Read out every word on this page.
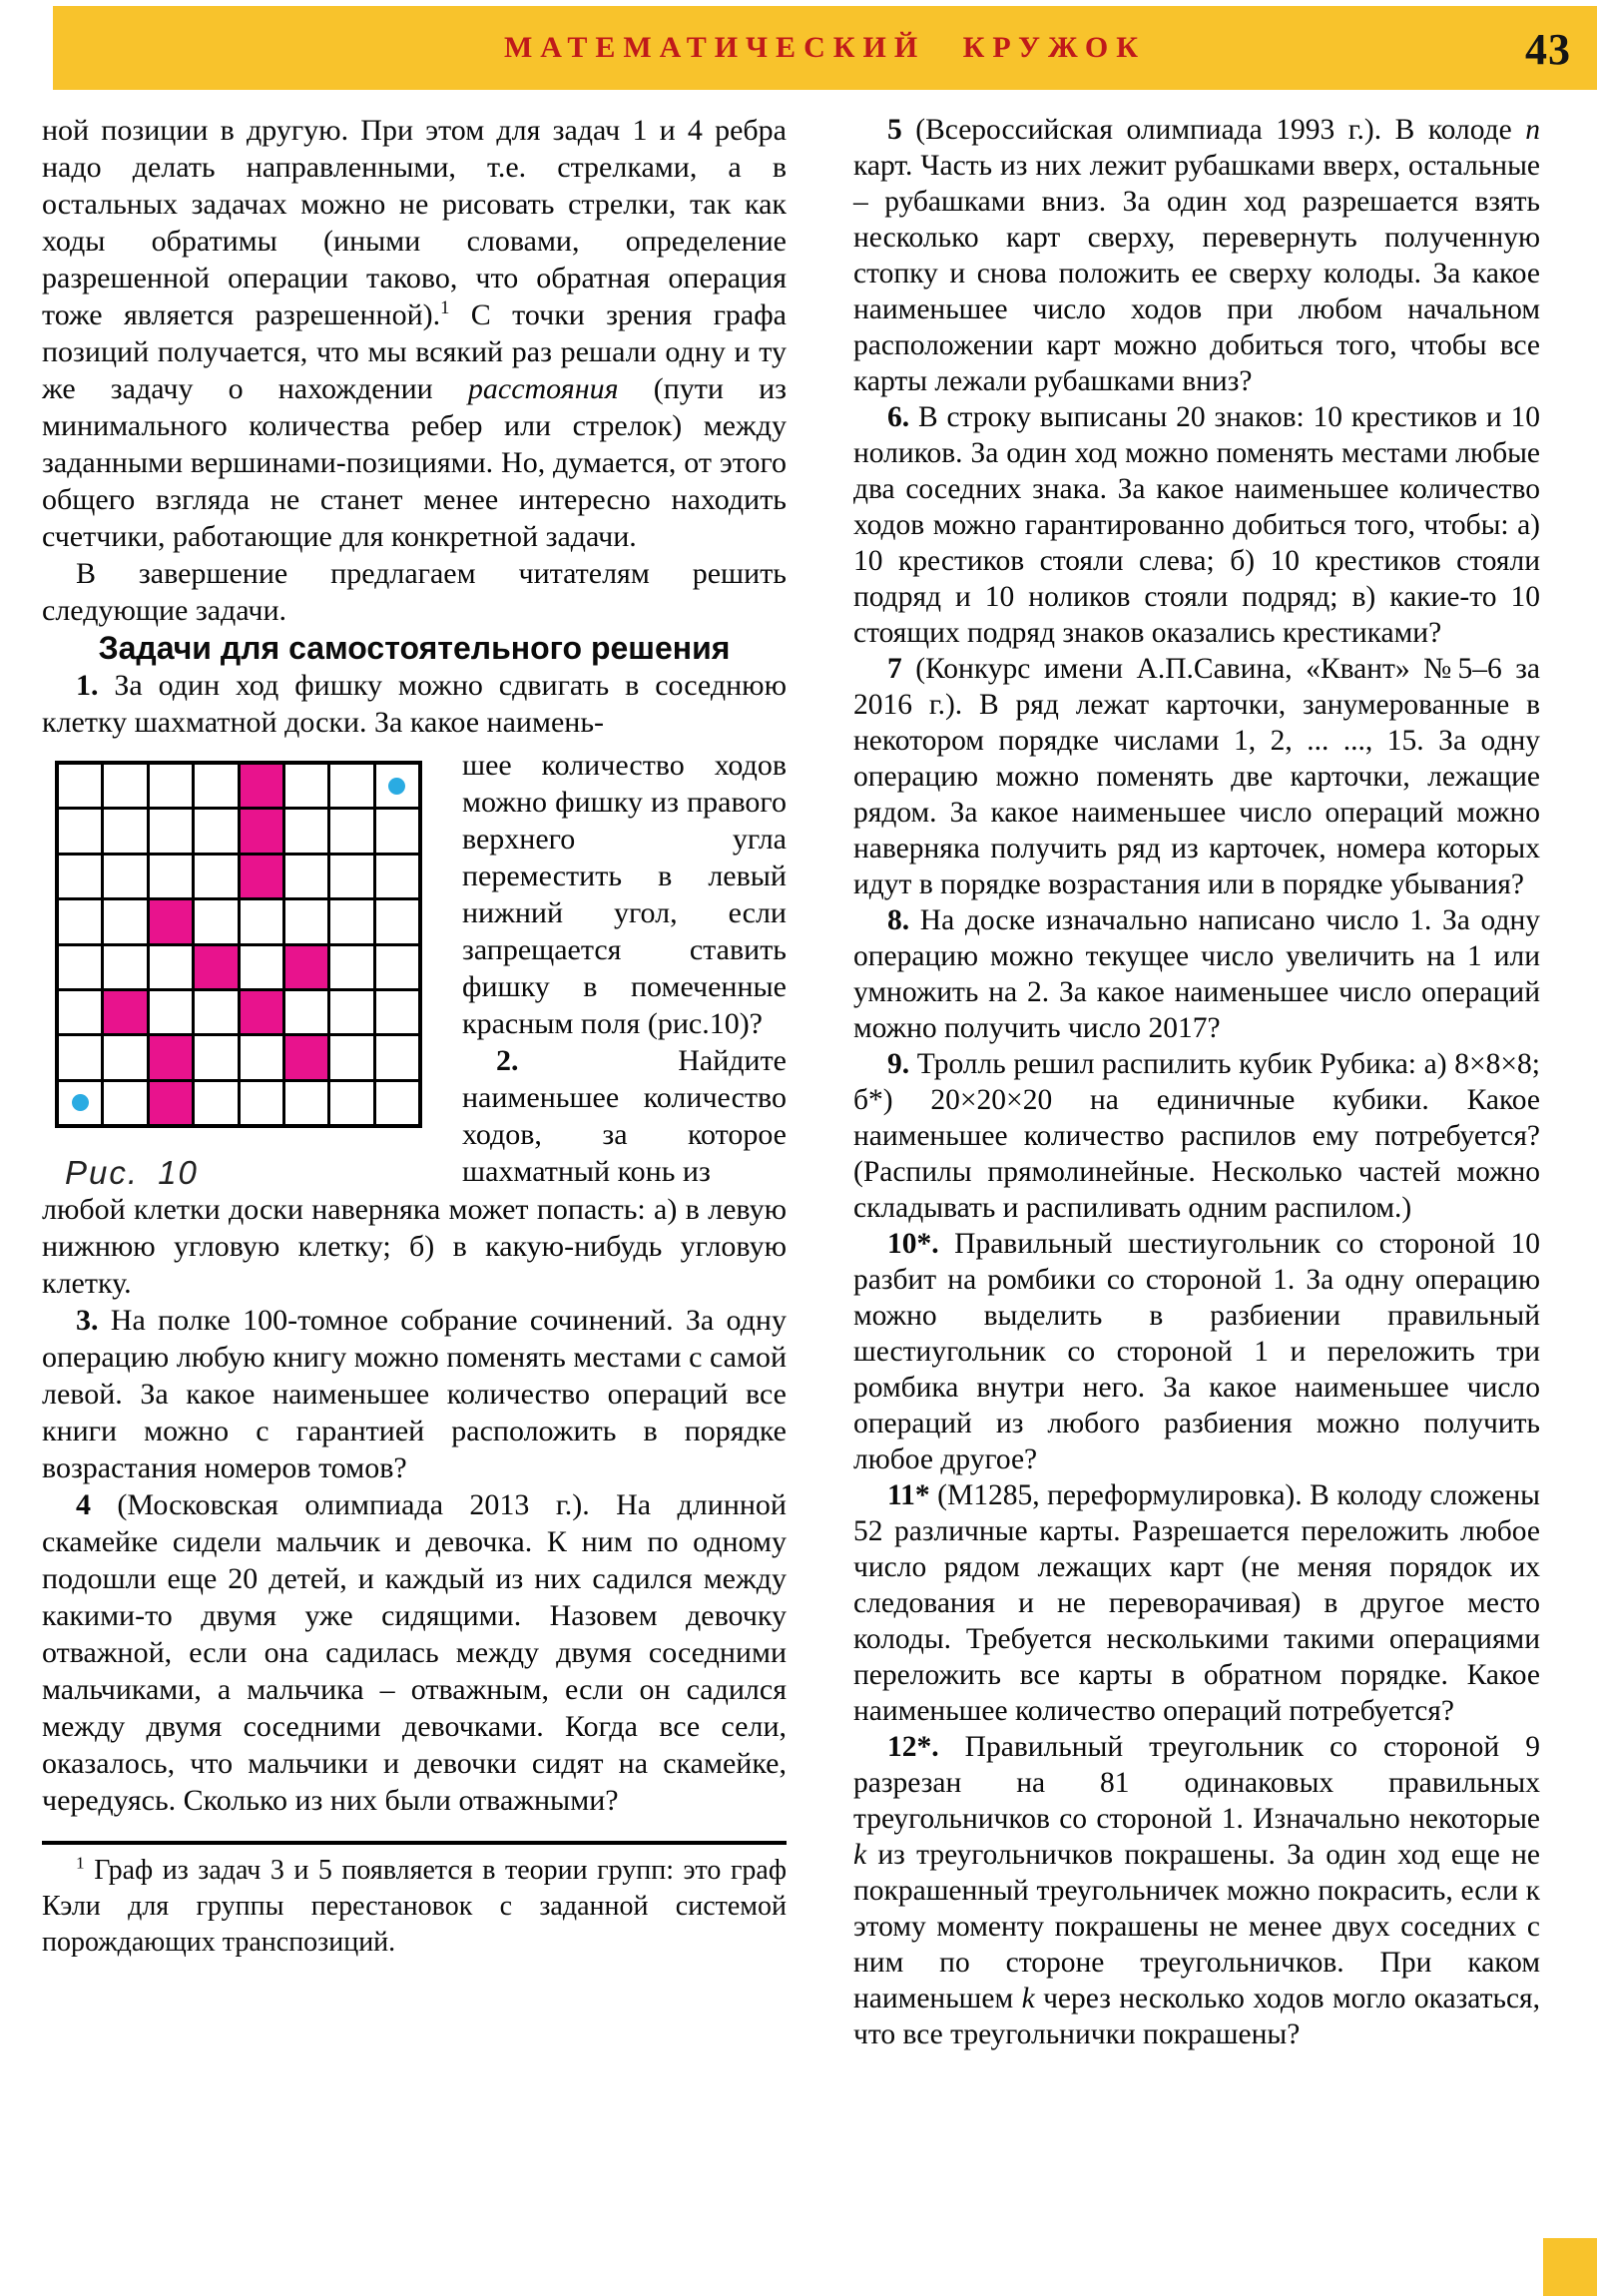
МАТЕМАТИЧЕСКИЙ КРУЖОК	43

ной позиции в другую. При этом для задач 1 и 4 ребра надо делать направленными, т.е. стрелками, а в остальных задачах можно не рисовать стрелки, так как ходы обратимы (иными словами, определение разрешенной операции таково, что обратная операция тоже является разрешенной).$^1$ С точки зрения графа позиций получается, что мы всякий раз решали одну и ту же задачу о нахождении расстояния (пути из минимального количества ребер или стрелок) между заданными вершинами-позициями. Но, думается, от этого общего взгляда не станет менее интересно находить счетчики, работающие для конкретной задачи.

В завершение предлагаем читателям решить следующие задачи.

Задачи для самостоятельного решения

1. За один ход фишку можно сдвигать в соседнюю клетку шахматной доски. За какое наимень-

Рис. 10

шее количество ходов можно фишку из правого верхнего угла переместить в левый нижний угол, если запрещается ставить фишку в помеченные красным поля (рис.10)?

2. Найдите наименьшее количество ходов, за которое шахматный конь из

любой клетки доски наверняка может попасть: а) в левую нижнюю угловую клетку; б) в какую-нибудь угловую клетку.

3. На полке 100-томное собрание сочинений. За одну операцию любую книгу можно поменять местами с самой левой. За какое наименьшее количество операций все книги можно с гарантией расположить в порядке возрастания номеров томов?

4 (Московская олимпиада 2013 г.). На длинной скамейке сидели мальчик и девочка. К ним по одному подошли еще 20 детей, и каждый из них садился между какими-то двумя уже сидящими. Назовем девочку отважной, если она садилась между двумя соседними мальчиками, а мальчика – отважным, если он садился между двумя соседними девочками. Когда все сели, оказалось, что мальчики и девочки сидят на скамейке, чередуясь. Сколько из них были отважными?

$^1$ Граф из задач 3 и 5 появляется в теории групп: это граф Кэли для группы перестановок с заданной системой порождающих транспозиций.

5 (Всероссийская олимпиада 1993 г.). В колоде n карт. Часть из них лежит рубашками вверх, остальные – рубашками вниз. За один ход разрешается взять несколько карт сверху, перевернуть полученную стопку и снова положить ее сверху колоды. За какое наименьшее число ходов при любом начальном расположении карт можно добиться того, чтобы все карты лежали рубашками вниз?

6. В строку выписаны 20 знаков: 10 крестиков и 10 ноликов. За один ход можно поменять местами любые два соседних знака. За какое наименьшее количество ходов можно гарантированно добиться того, чтобы: а) 10 крестиков стояли слева; б) 10 крестиков стояли подряд и 10 ноликов стояли подряд; в) какие-то 10 стоящих подряд знаков оказались крестиками?

7 (Конкурс имени А.П.Савина, «Квант» №5–6 за 2016 г.). В ряд лежат карточки, занумерованные в некотором порядке числами 1, 2, ... ..., 15. За одну операцию можно поменять две карточки, лежащие рядом. За какое наименьшее число операций можно наверняка получить ряд из карточек, номера которых идут в порядке возрастания или в порядке убывания?

8. На доске изначально написано число 1. За одну операцию можно текущее число увеличить на 1 или умножить на 2. За какое наименьшее число операций можно получить число 2017?

9. Тролль решил распилить кубик Рубика: а) 8×8×8; б*) 20×20×20 на единичные кубики. Какое наименьшее количество распилов ему потребуется? (Распилы прямолинейные. Несколько частей можно складывать и распиливать одним распилом.)

10*. Правильный шестиугольник со стороной 10 разбит на ромбики со стороной 1. За одну операцию можно выделить в разбиении правильный шестиугольник со стороной 1 и переложить три ромбика внутри него. За какое наименьшее число операций из любого разбиения можно получить любое другое?

11* (М1285, переформулировка). В колоду сложены 52 различные карты. Разрешается переложить любое число рядом лежащих карт (не меняя порядок их следования и не переворачивая) в другое место колоды. Требуется несколькими такими операциями переложить все карты в обратном порядке. Какое наименьшее количество операций потребуется?

12*. Правильный треугольник со стороной 9 разрезан на 81 одинаковых правильных треугольничков со стороной 1. Изначально некоторые k из треугольничков покрашены. За один ход еще не покрашенный треугольничек можно покрасить, если к этому моменту покрашены не менее двух соседних с ним по стороне треугольничков. При каком наименьшем k через несколько ходов могло оказаться, что все треугольнички покрашены?
